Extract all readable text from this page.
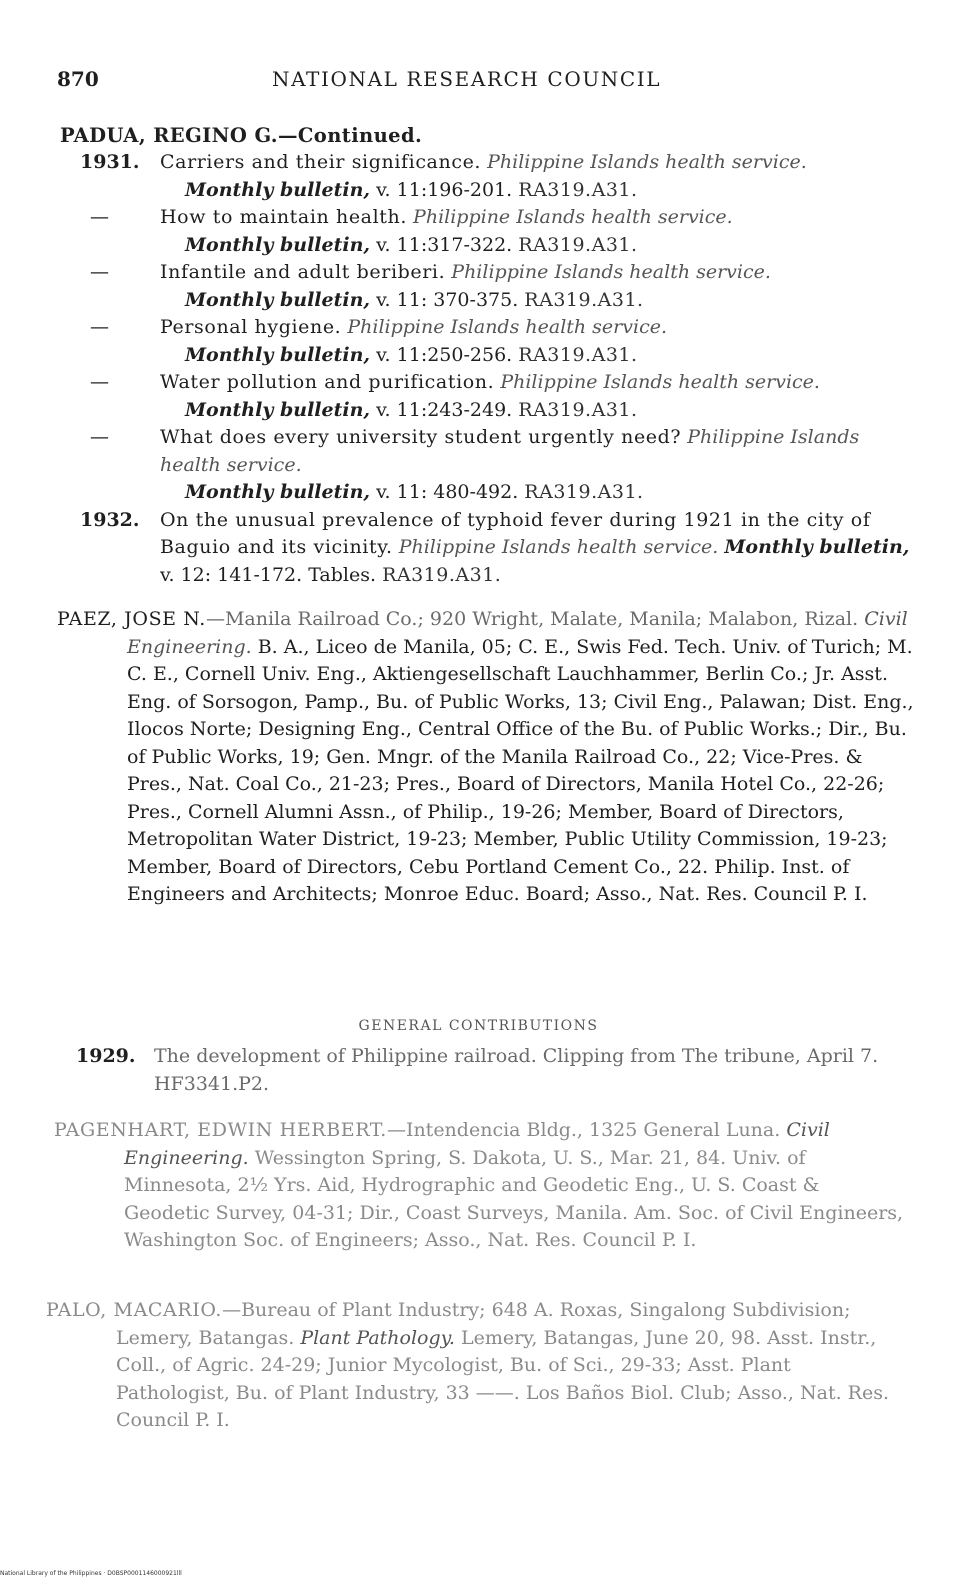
870	NATIONAL RESEARCH COUNCIL
PADUA, REGINO G.—Continued.
1931.	Carriers and their significance. Philippine Islands health service.
Monthly bulletin, v. 11:196-201. RA319.A31.
—	How to maintain health. Philippine Islands health service.
Monthly bulletin, v. 11:317-322. RA319.A31.
—	Infantile and adult beriberi. Philippine Islands health service.
Monthly bulletin, v. 11: 370-375. RA319.A31.
—	Personal hygiene. Philippine Islands health service.
Monthly bulletin, v. 11:250-256. RA319.A31.
—	Water pollution and purification. Philippine Islands health service.
Monthly bulletin, v. 11:243-249. RA319.A31.
—	What does every university student urgently need? Philippine Islands health service.
Monthly bulletin, v. 11: 480-492. RA319.A31.
1932.	On the unusual prevalence of typhoid fever during 1921 in the city of Baguio and its vicinity. Philippine Islands health service. Monthly bulletin, v. 12: 141-172. Tables. RA319.A31.
PAEZ, JOSE N.—Manila Railroad Co.; 920 Wright, Malate, Manila; Malabon, Rizal. Civil Engineering. B. A., Liceo de Manila, 05; C. E., Swis Fed. Tech. Univ. of Turich; M. C. E., Cornell Univ. Eng., Aktiengesellschaft Lauchhammer, Berlin Co.; Jr. Asst. Eng. of Sorsogon, Pamp., Bu. of Public Works, 13; Civil Eng., Palawan; Dist. Eng., Ilocos Norte; Designing Eng., Central Office of the Bu. of Public Works.; Dir., Bu. of Public Works, 19; Gen. Mngr. of the Manila Railroad Co., 22; Vice-Pres. & Pres., Nat. Coal Co., 21-23; Pres., Board of Directors, Manila Hotel Co., 22-26; Pres., Cornell Alumni Assn., of Philip., 19-26; Member, Board of Directors, Metropolitan Water District, 19-23; Member, Public Utility Commission, 19-23; Member, Board of Directors, Cebu Portland Cement Co., 22. Philip. Inst. of Engineers and Architects; Monroe Educ. Board; Asso., Nat. Res. Council P. I.
GENERAL CONTRIBUTIONS
1929. The development of Philippine railroad. Clipping from The tribune, April 7. HF3341.P2.
PAGENHART, EDWIN HERBERT.—Intendencia Bldg., 1325 General Luna. Civil Engineering. Wessington Spring, S. Dakota, U. S., Mar. 21, 84. Univ. of Minnesota, 2½ Yrs. Aid, Hydrographic and Geodetic Eng., U. S. Coast & Geodetic Survey, 04-31; Dir., Coast Surveys, Manila. Am. Soc. of Civil Engineers, Washington Soc. of Engineers; Asso., Nat. Res. Council P. I.
PALO, MACARIO.—Bureau of Plant Industry; 648 A. Roxas, Singalong Subdivision; Lemery, Batangas. Plant Pathology. Lemery, Batangas, June 20, 98. Asst. Instr., Coll., of Agric. 24-29; Junior Mycologist, Bu. of Sci., 29-33; Asst. Plant Pathologist, Bu. of Plant Industry, 33 ——. Los Baños Biol. Club; Asso., Nat. Res. Council P. I.
National Library of the Philippines · D0BSP0001146000921lll
